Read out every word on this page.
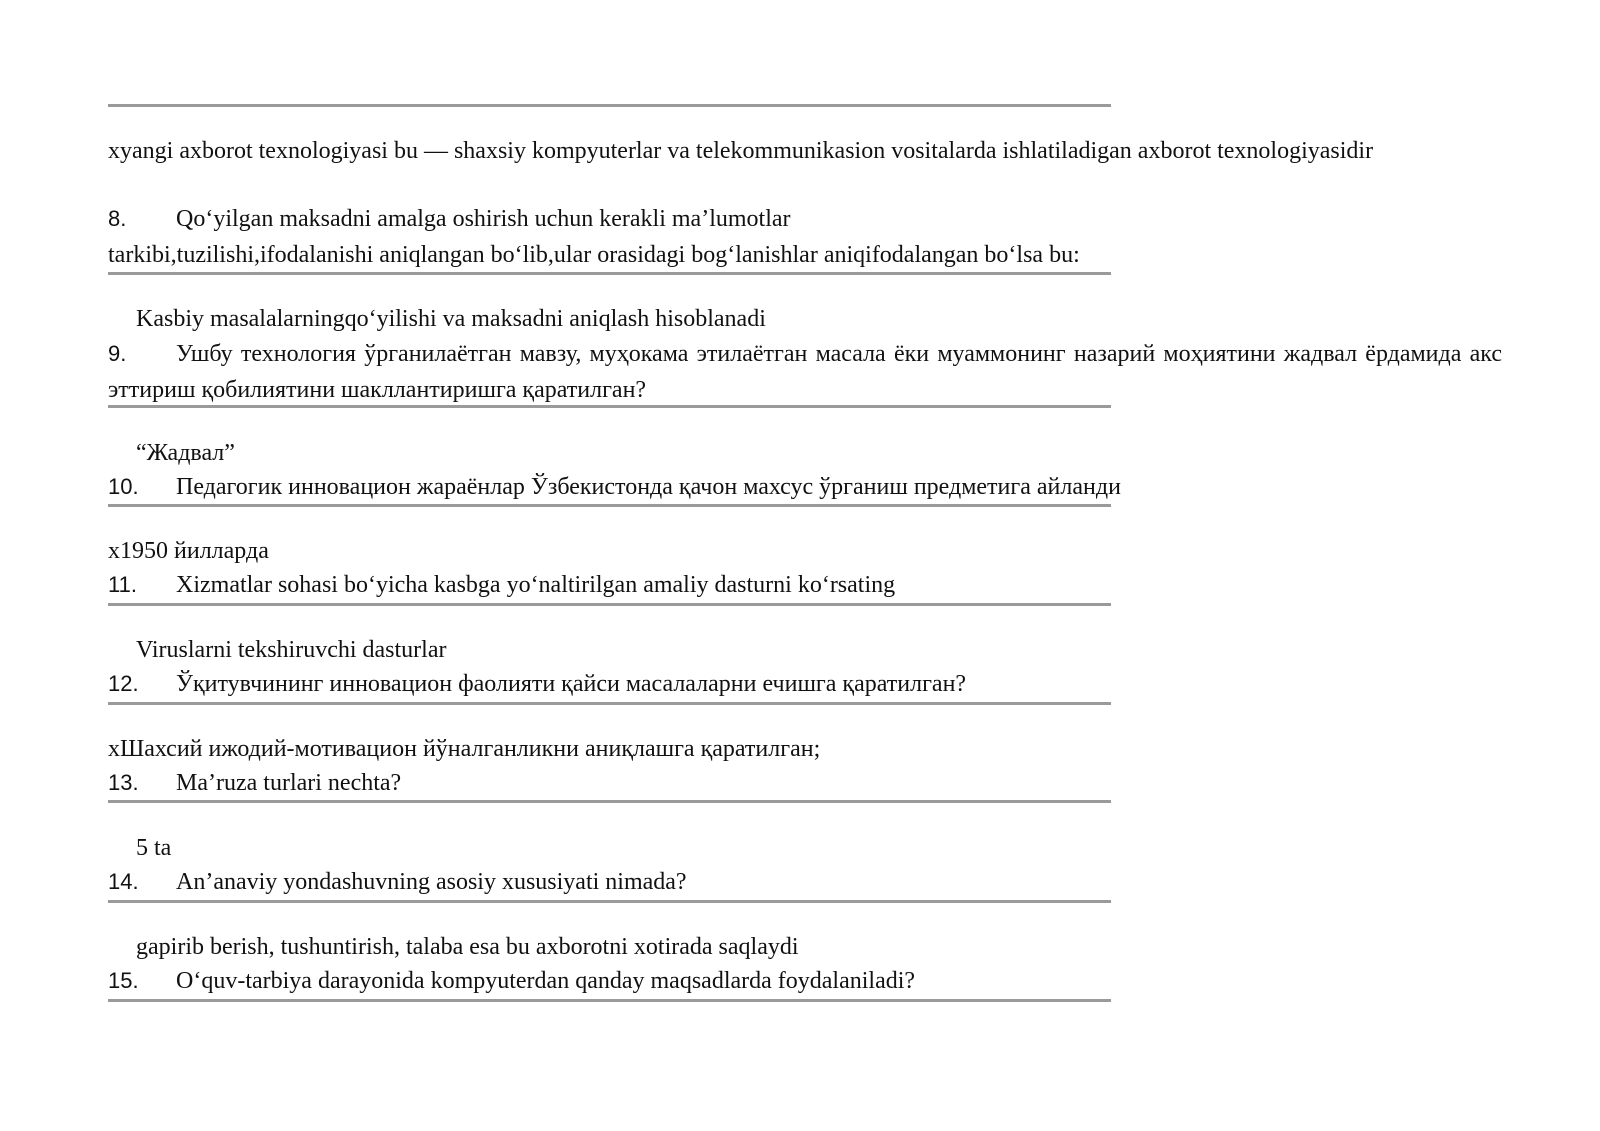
xyangi axborot texnologiyasi bu — shaxsiy kompyuterlar va telekommunikasion vositalarda ishlatiladigan axborot texnologiyasidir
8. Qo‘yilgan maksadni amalga oshirish uchun kerakli ma’lumotlar
tarkibi,tuzilishi,ifodalanishi aniqlangan bo‘lib,ular orasidagi bog‘lanishlar aniqifodalangan bo‘lsa bu:
Kasbiy masalalarningqo‘yilishi va maksadni aniqlash hisoblanadi
9. Ушбу технология ўрганилаётган мавзу, муҳокама этилаётган масала ёки муаммонинг назарий моҳиятини жадвал ёрдамида акс эттириш қобилиятини шакллантиришга қаратилган?
“Жадвал”
10. Педагогик инновацион жараёнлар Ўзбекистонда қачон махсус ўрганиш предметига айланди
x1950 йилларда
11. Xizmatlar sohasi bo‘yicha kasbga yo‘naltirilgan amaliy dasturni ko‘rsating
Viruslarni tekshiruvchi dasturlar
12. Ўқитувчининг инновацион фаолияти қайси масалаларни ечишга қаратилган?
xШахсий ижодий-мотивацион йўналганликни аниқлашга қаратилган;
13. Ma’ruza turlari nechta?
5 ta
14. An’anaviy yondashuvning asosiy xususiyati nimada?
gapirib berish, tushuntirish, talaba esa bu axborotni xotirada saqlaydi
15. O‘quv-tarbiya darayonida kompyuterdan qanday maqsadlarda foydalaniladi?
